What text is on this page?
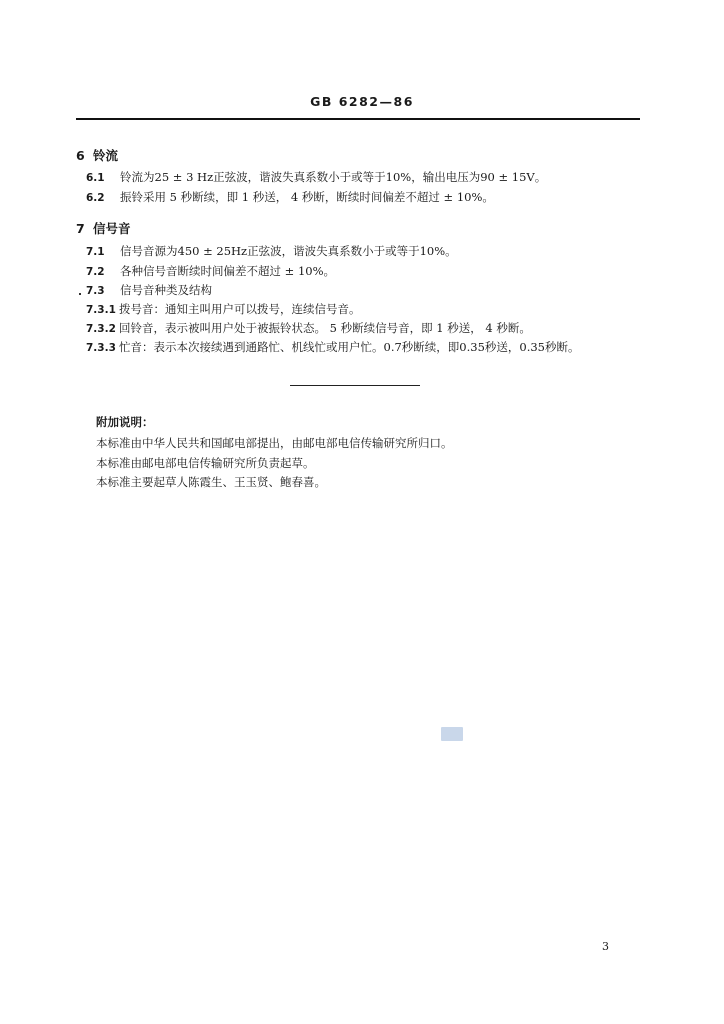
GB 6282—86
6 铃流
6.1 铃流为25 ± 3 Hz正弦波，谐波失真系数小于或等于10%，输出电压为90 ± 15V。
6.2 振铃采用 5 秒断续，即 1 秒送， 4 秒断，断续时间偏差不超过 ± 10%。
7 信号音
7.1 信号音源为450 ± 25Hz正弦波，谐波失真系数小于或等于10%。
7.2 各种信号音断续时间偏差不超过 ± 10%。
7.3 信号音种类及结构
7.3.1 拨号音：通知主叫用户可以拨号，连续信号音。
7.3.2 回铃音，表示被叫用户处于被振铃状态。 5 秒断续信号音，即 1 秒送， 4 秒断。
7.3.3 忙音：表示本次接续遇到通路忙、机线忙或用户忙。0.7秒断续，即0.35秒送，0.35秒断。
附加说明：
本标准由中华人民共和国邮电部提出，由邮电部电信传输研究所归口。
本标准由邮电部电信传输研究所负责起草。
本标准主要起草人陈霞生、王玉贤、鲍春喜。
3
